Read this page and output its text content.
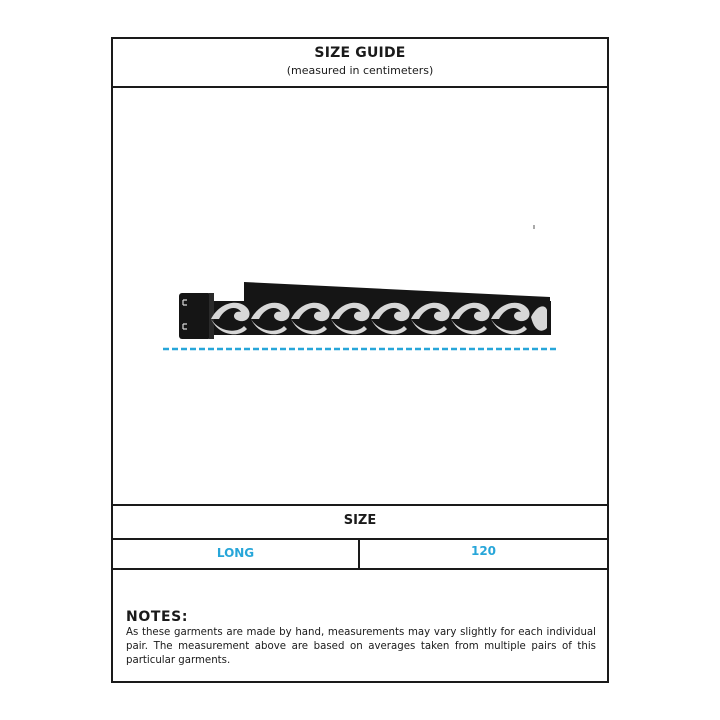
SIZE GUIDE
(measured in centimeters)
SIZE
LONG	120
NOTES:
As these garments are made by hand, measurements may vary slightly for each individual pair. The measurement above are based on averages taken from multiple pairs of this particular garments.
